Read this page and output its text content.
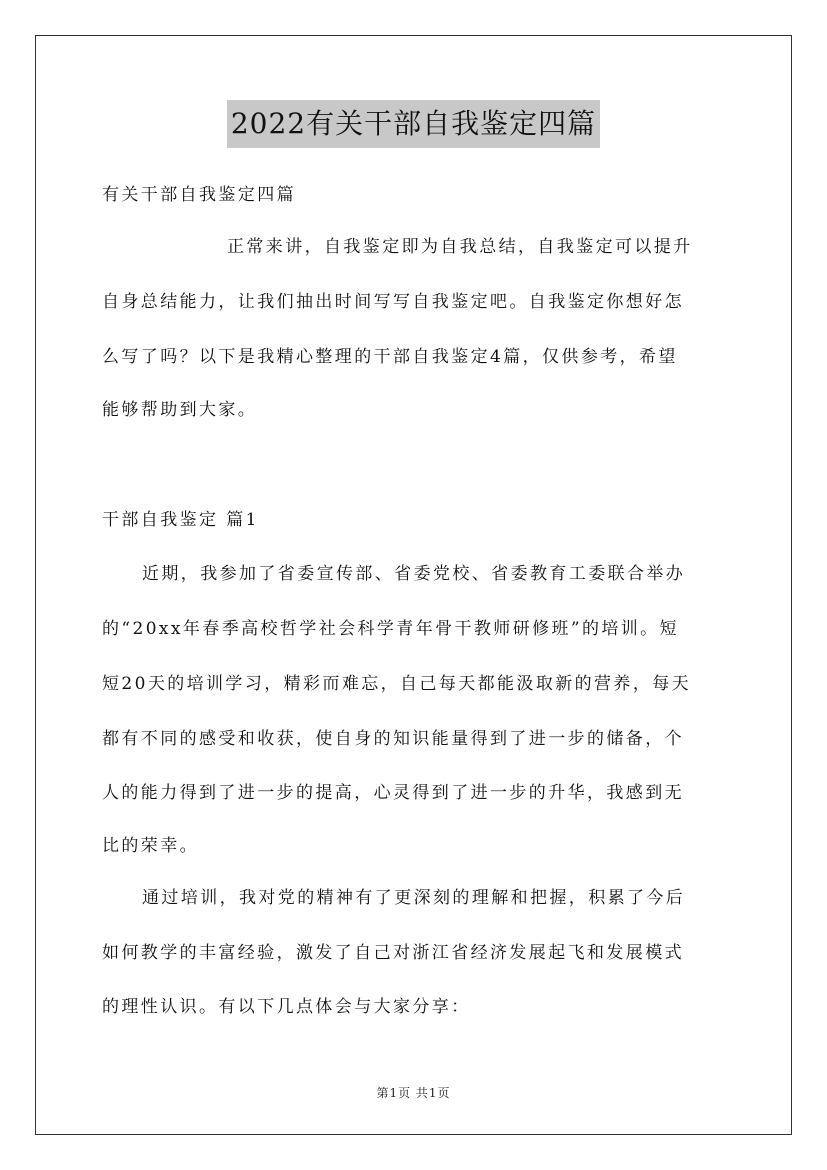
2022有关干部自我鉴定四篇
有关干部自我鉴定四篇
正常来讲，自我鉴定即为自我总结，自我鉴定可以提升
自身总结能力，让我们抽出时间写写自我鉴定吧。自我鉴定你想好怎
么写了吗？以下是我精心整理的干部自我鉴定4篇，仅供参考，希望
能够帮助到大家。
干部自我鉴定 篇1
近期，我参加了省委宣传部、省委党校、省委教育工委联合举办
的“20xx年春季高校哲学社会科学青年骨干教师研修班”的培训。短
短20天的培训学习，精彩而难忘，自己每天都能汲取新的营养，每天
都有不同的感受和收获，使自身的知识能量得到了进一步的储备，个
人的能力得到了进一步的提高，心灵得到了进一步的升华，我感到无
比的荣幸。
通过培训，我对党的精神有了更深刻的理解和把握，积累了今后
如何教学的丰富经验，激发了自己对浙江省经济发展起飞和发展模式
的理性认识。有以下几点体会与大家分享：
第1页 共1页
